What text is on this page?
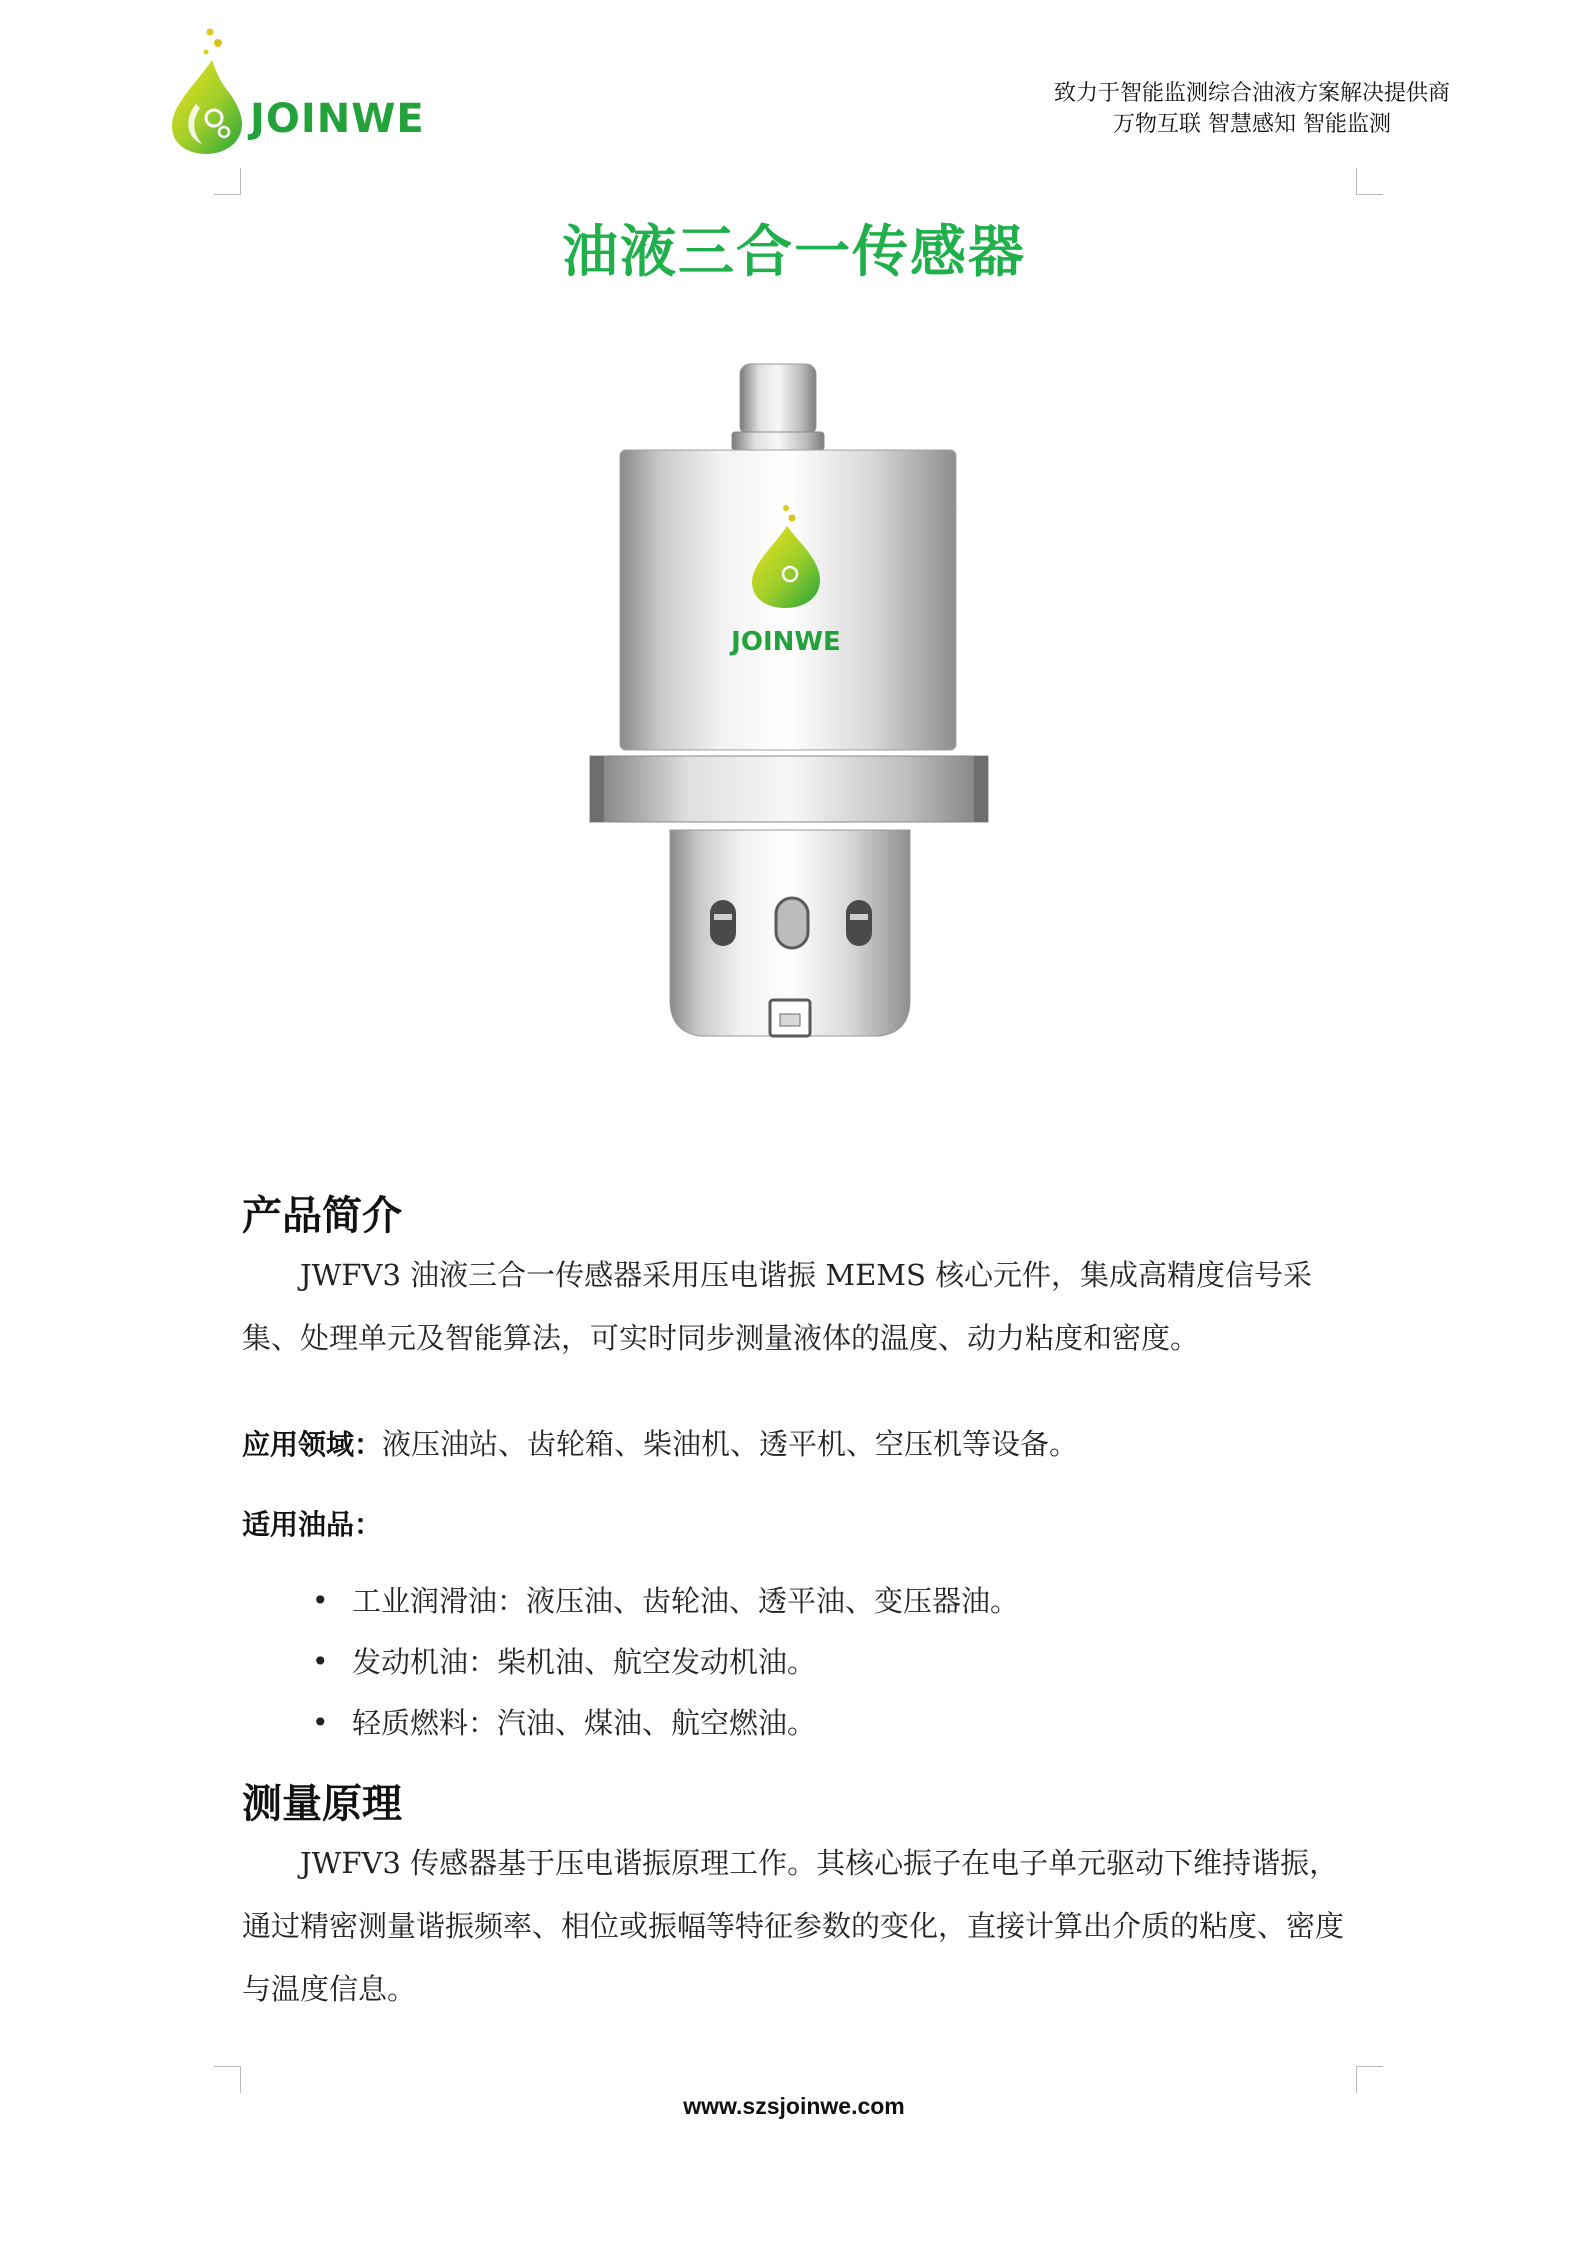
JOINWE
致力于智能监测综合油液方案解决提供商
万物互联 智慧感知 智能监测
油液三合一传感器
JOINWE
产品简介

JWFV3 油液三合一传感器采用压电谐振 MEMS 核心元件，集成高精度信号采集、处理单元及智能算法，可实时同步测量液体的温度、动力粘度和密度。

应用领域：液压油站、齿轮箱、柴油机、透平机、空压机等设备。
适用油品：
• 工业润滑油：液压油、齿轮油、透平油、变压器油。
• 发动机油：柴机油、航空发动机油。
• 轻质燃料：汽油、煤油、航空燃油。
测量原理

JWFV3 传感器基于压电谐振原理工作。其核心振子在电子单元驱动下维持谐振，通过精密测量谐振频率、相位或振幅等特征参数的变化，直接计算出介质的粘度、密度与温度信息。

www.szsjoinwe.com
